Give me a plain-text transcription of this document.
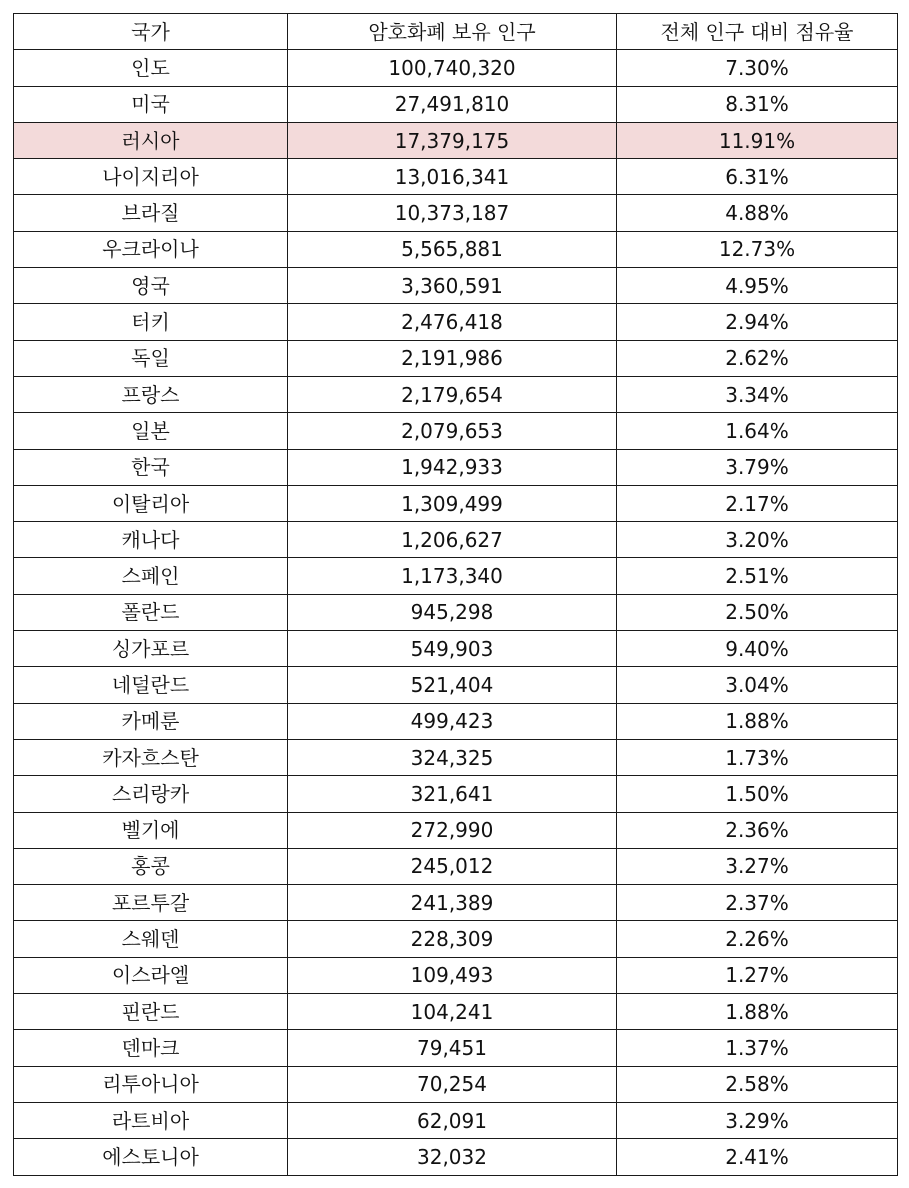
국가	암호화폐 보유 인구	전체 인구 대비 점유율
인도	100,740,320	7.30%
미국	27,491,810	8.31%
러시아	17,379,175	11.91%
나이지리아	13,016,341	6.31%
브라질	10,373,187	4.88%
우크라이나	5,565,881	12.73%
영국	3,360,591	4.95%
터키	2,476,418	2.94%
독일	2,191,986	2.62%
프랑스	2,179,654	3.34%
일본	2,079,653	1.64%
한국	1,942,933	3.79%
이탈리아	1,309,499	2.17%
캐나다	1,206,627	3.20%
스페인	1,173,340	2.51%
폴란드	945,298	2.50%
싱가포르	549,903	9.40%
네덜란드	521,404	3.04%
카메룬	499,423	1.88%
카자흐스탄	324,325	1.73%
스리랑카	321,641	1.50%
벨기에	272,990	2.36%
홍콩	245,012	3.27%
포르투갈	241,389	2.37%
스웨덴	228,309	2.26%
이스라엘	109,493	1.27%
핀란드	104,241	1.88%
덴마크	79,451	1.37%
리투아니아	70,254	2.58%
라트비아	62,091	3.29%
에스토니아	32,032	2.41%
